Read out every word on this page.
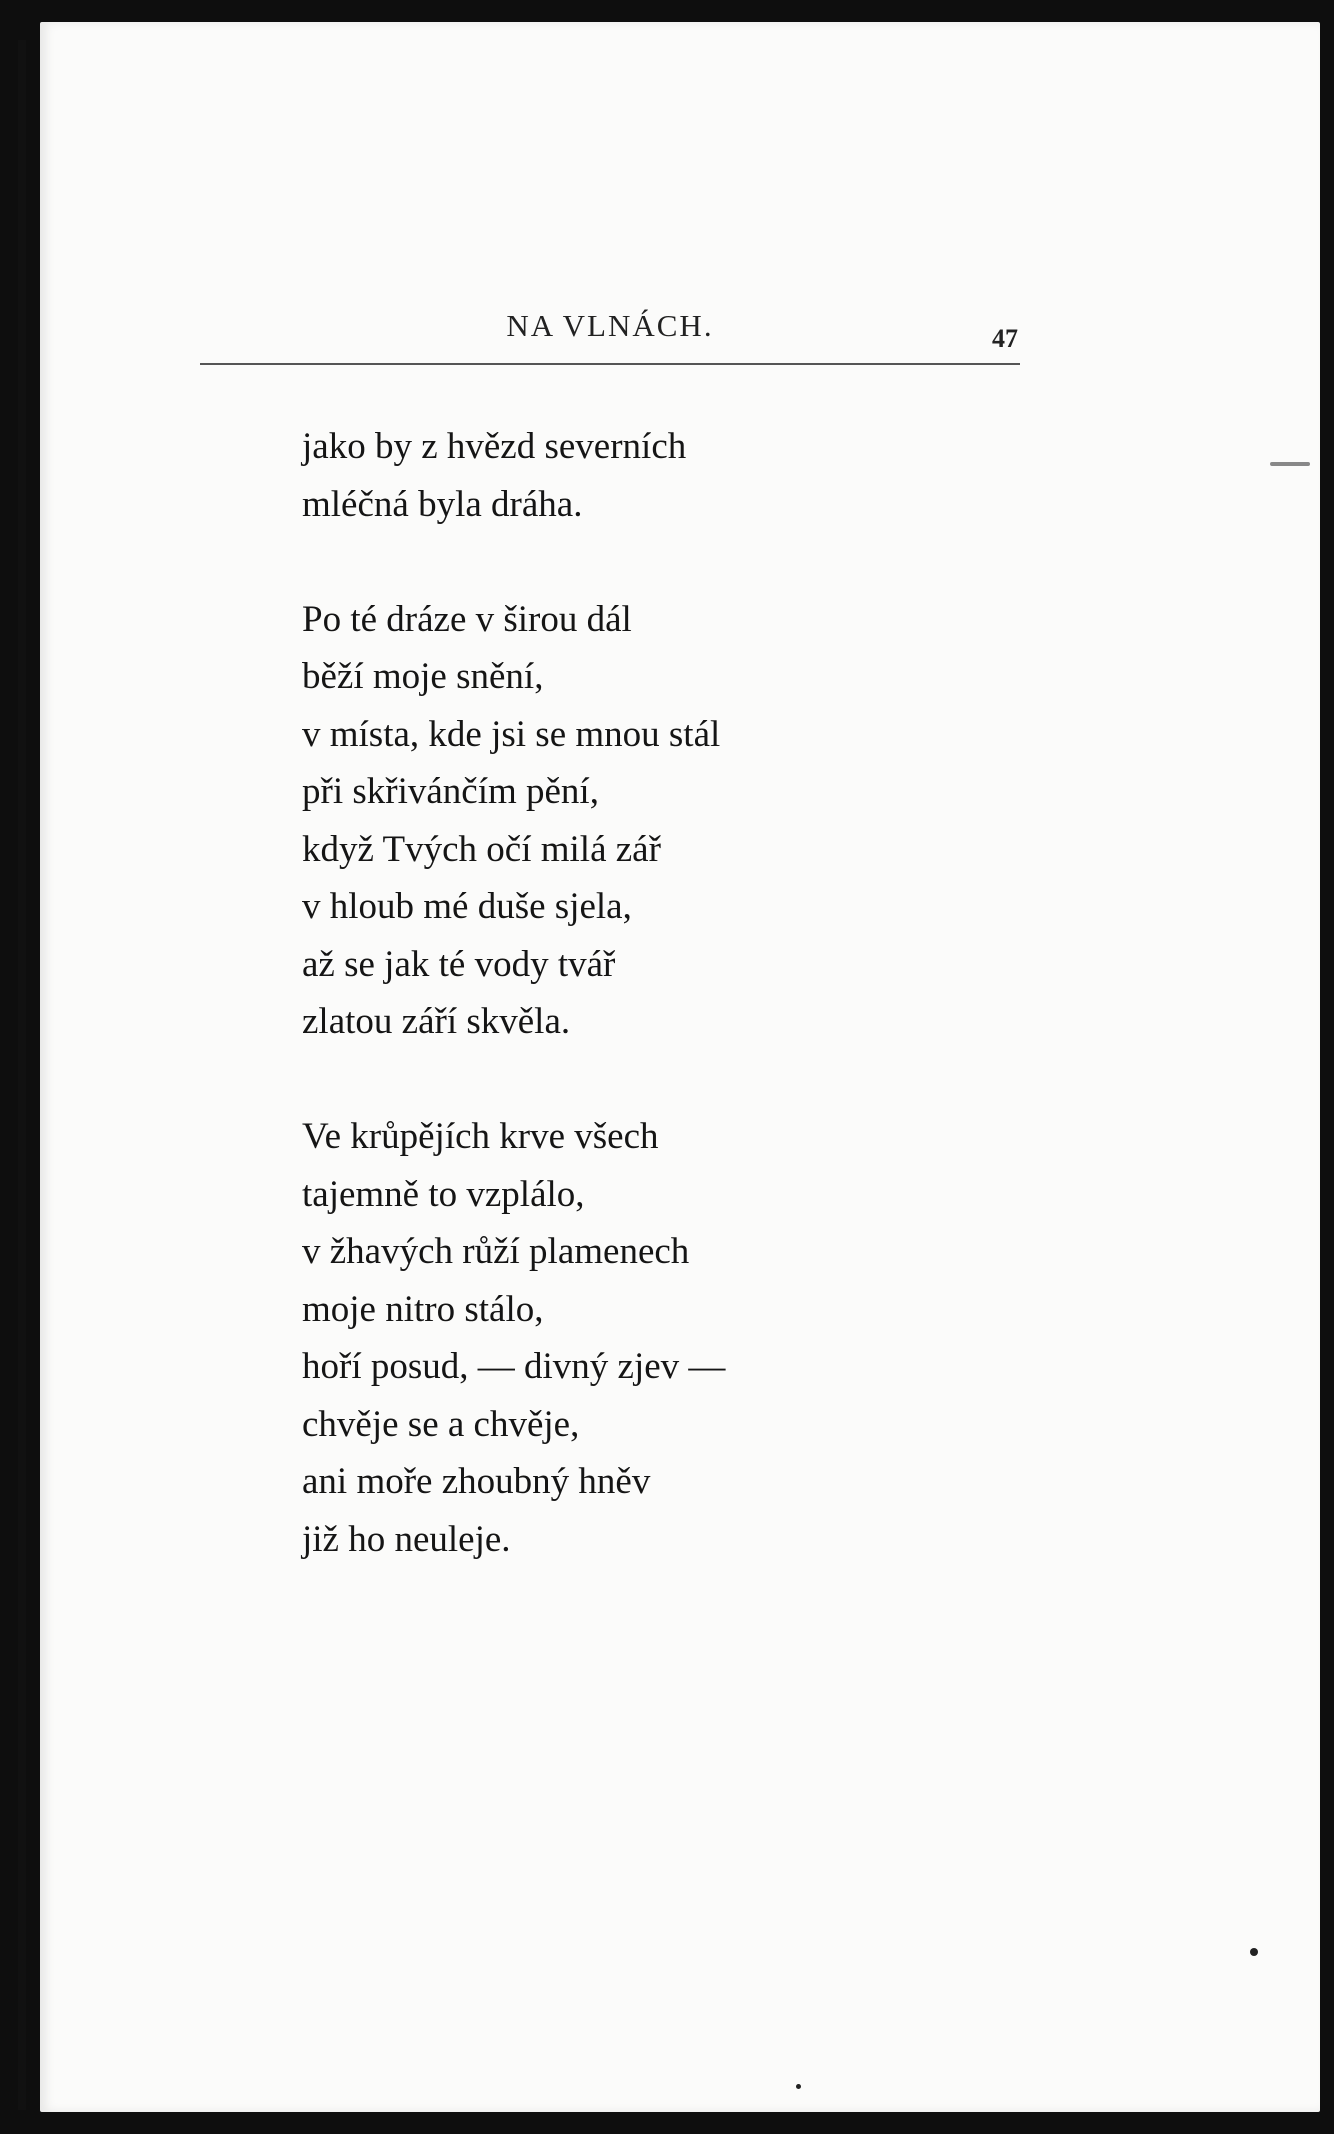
NA VLNÁCH.	47
jako by z hvězd severních
mléčná byla dráha.
Po té dráze v širou dál
běží moje snění,
v místa, kde jsi se mnou stál
při skřivánčím pění,
když Tvých očí milá zář
v hloub mé duše sjela,
až se jak té vody tvář
zlatou září skvěla.
Ve krůpějích krve všech
tajemně to vzplálo,
v žhavých růží plamenech
moje nitro stálo,
hoří posud, — divný zjev —
chvěje se a chvěje,
ani moře zhoubný hněv
již ho neuleje.
